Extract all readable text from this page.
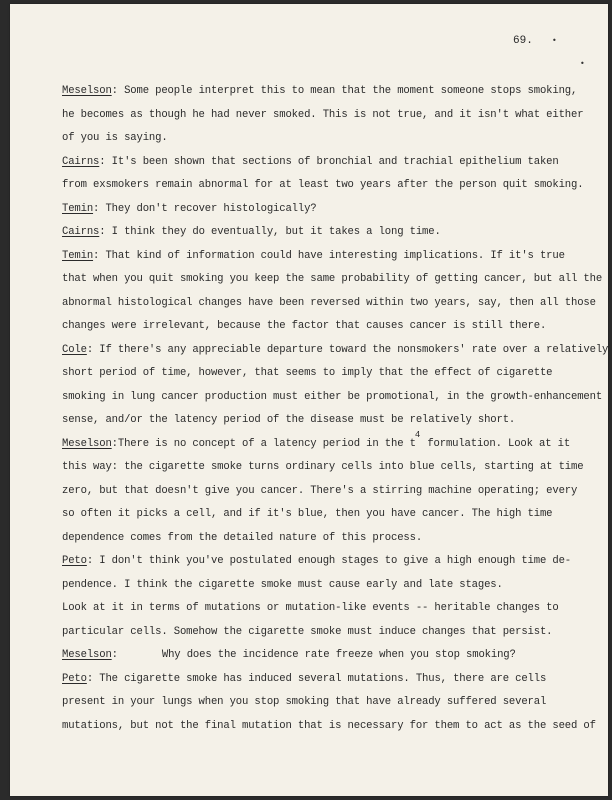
69. •
•
Meselson: Some people interpret this to mean that the moment someone stops smoking,
he becomes as though he had never smoked. This is not true, and it isn't what either
of you is saying.
Cairns: It's been shown that sections of bronchial and trachial epithelium taken
from exsmokers remain abnormal for at least two years after the person quit smoking.
Temin: They don't recover histologically?
Cairns: I think they do eventually, but it takes a long time.
Temin: That kind of information could have interesting implications. If it's true
that when you quit smoking you keep the same probability of getting cancer, but all the
abnormal histological changes have been reversed within two years, say, then all those
changes were irrelevant, because the factor that causes cancer is still there.
Cole: If there's any appreciable departure toward the nonsmokers' rate over a relatively
short period of time, however, that seems to imply that the effect of cigarette
smoking in lung cancer production must either be promotional, in the growth-enhancement
sense, and/or the latency period of the disease must be relatively short.
Meselson:There is no concept of a latency period in the $t^4$ formulation. Look at it
this way: the cigarette smoke turns ordinary cells into blue cells, starting at time
zero, but that doesn't give you cancer. There's a stirring machine operating; every
so often it picks a cell, and if it's blue, then you have cancer. The high time
dependence comes from the detailed nature of this process.
Peto: I don't think you've postulated enough stages to give a high enough time de-
pendence. I think the cigarette smoke must cause early and late stages.
Look at it in terms of mutations or mutation-like events -- heritable changes to
particular cells. Somehow the cigarette smoke must induce changes that persist.
Meselson:	Why does the incidence rate freeze when you stop smoking?
Peto: The cigarette smoke has induced several mutations. Thus, there are cells
present in your lungs when you stop smoking that have already suffered several
mutations, but not the final mutation that is necessary for them to act as the seed of
